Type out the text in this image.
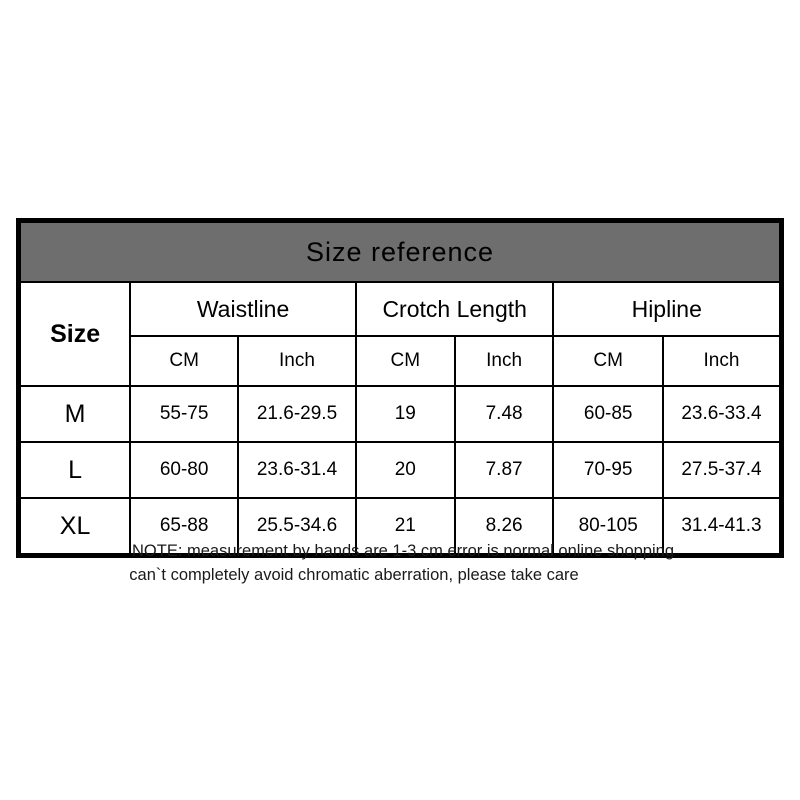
Size reference						
Size	Waistline		Crotch Length		Hipline	
	CM	Inch	CM	Inch	CM	Inch
M	55-75	21.6-29.5	19	7.48	60-85	23.6-33.4
L	60-80	23.6-31.4	20	7.87	70-95	27.5-37.4
XL	65-88	25.5-34.6	21	8.26	80-105	31.4-41.3
NOTE: measurement by hands are 1-3 cm error is normal online shopping
can`t completely avoid chromatic aberration, please take care
